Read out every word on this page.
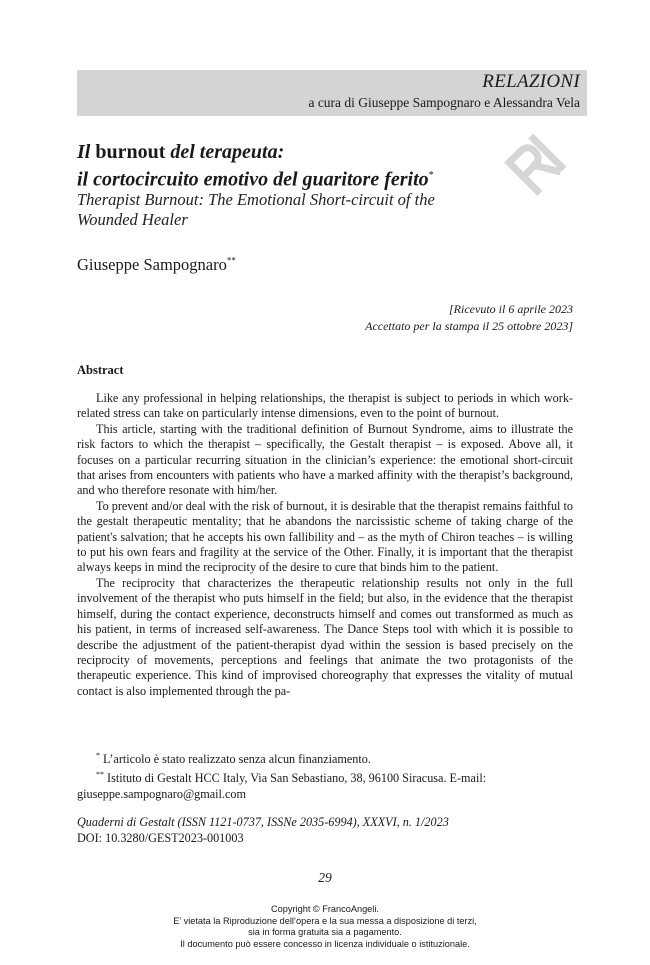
RELAZIONI
a cura di Giuseppe Sampognaro e Alessandra Vela
Il burnout del terapeuta:
il cortocircuito emotivo del guaritore ferito*
Therapist Burnout: The Emotional Short-circuit of the Wounded Healer
Giuseppe Sampognaro**
[Ricevuto il 6 aprile 2023
Accettato per la stampa il 25 ottobre 2023]
Abstract

Like any professional in helping relationships, the therapist is subject to periods in which work-related stress can take on particularly intense dimensions, even to the point of burnout.

This article, starting with the traditional definition of Burnout Syndrome, aims to illustrate the risk factors to which the therapist – specifically, the Gestalt therapist – is exposed. Above all, it focuses on a particular recurring situation in the clinician’s experience: the emotional short-circuit that arises from encounters with patients who have a marked affinity with the therapist’s background, and who therefore resonate with him/her.

To prevent and/or deal with the risk of burnout, it is desirable that the therapist remains faithful to the gestalt therapeutic mentality; that he abandons the narcissistic scheme of taking charge of the patient's salvation; that he accepts his own fallibility and – as the myth of Chiron teaches – is willing to put his own fears and fragility at the service of the Other. Finally, it is important that the therapist always keeps in mind the reciprocity of the desire to cure that binds him to the patient.

The reciprocity that characterizes the therapeutic relationship results not only in the full involvement of the therapist who puts himself in the field; but also, in the evidence that the therapist himself, during the contact experience, deconstructs himself and comes out transformed as much as his patient, in terms of increased self-awareness. The Dance Steps tool with which it is possible to describe the adjustment of the patient-therapist dyad within the session is based precisely on the reciprocity of movements, perceptions and feelings that animate the two protagonists of the therapeutic experience. This kind of improvised choreography that expresses the vitality of mutual contact is also implemented through the pa-

* L’articolo è stato realizzato senza alcun finanziamento.

** Istituto di Gestalt HCC Italy, Via San Sebastiano, 38, 96100 Siracusa. E-mail: giuseppe.sampognaro@gmail.com

Quaderni di Gestalt (ISSN 1121-0737, ISSNe 2035-6994), XXXVI, n. 1/2023
DOI: 10.3280/GEST2023-001003
29
Copyright © FrancoAngeli.
E’ vietata la Riproduzione dell’opera e la sua messa a disposizione di terzi,
sia in forma gratuita sia a pagamento.
Il documento può essere concesso in licenza individuale o istituzionale.
